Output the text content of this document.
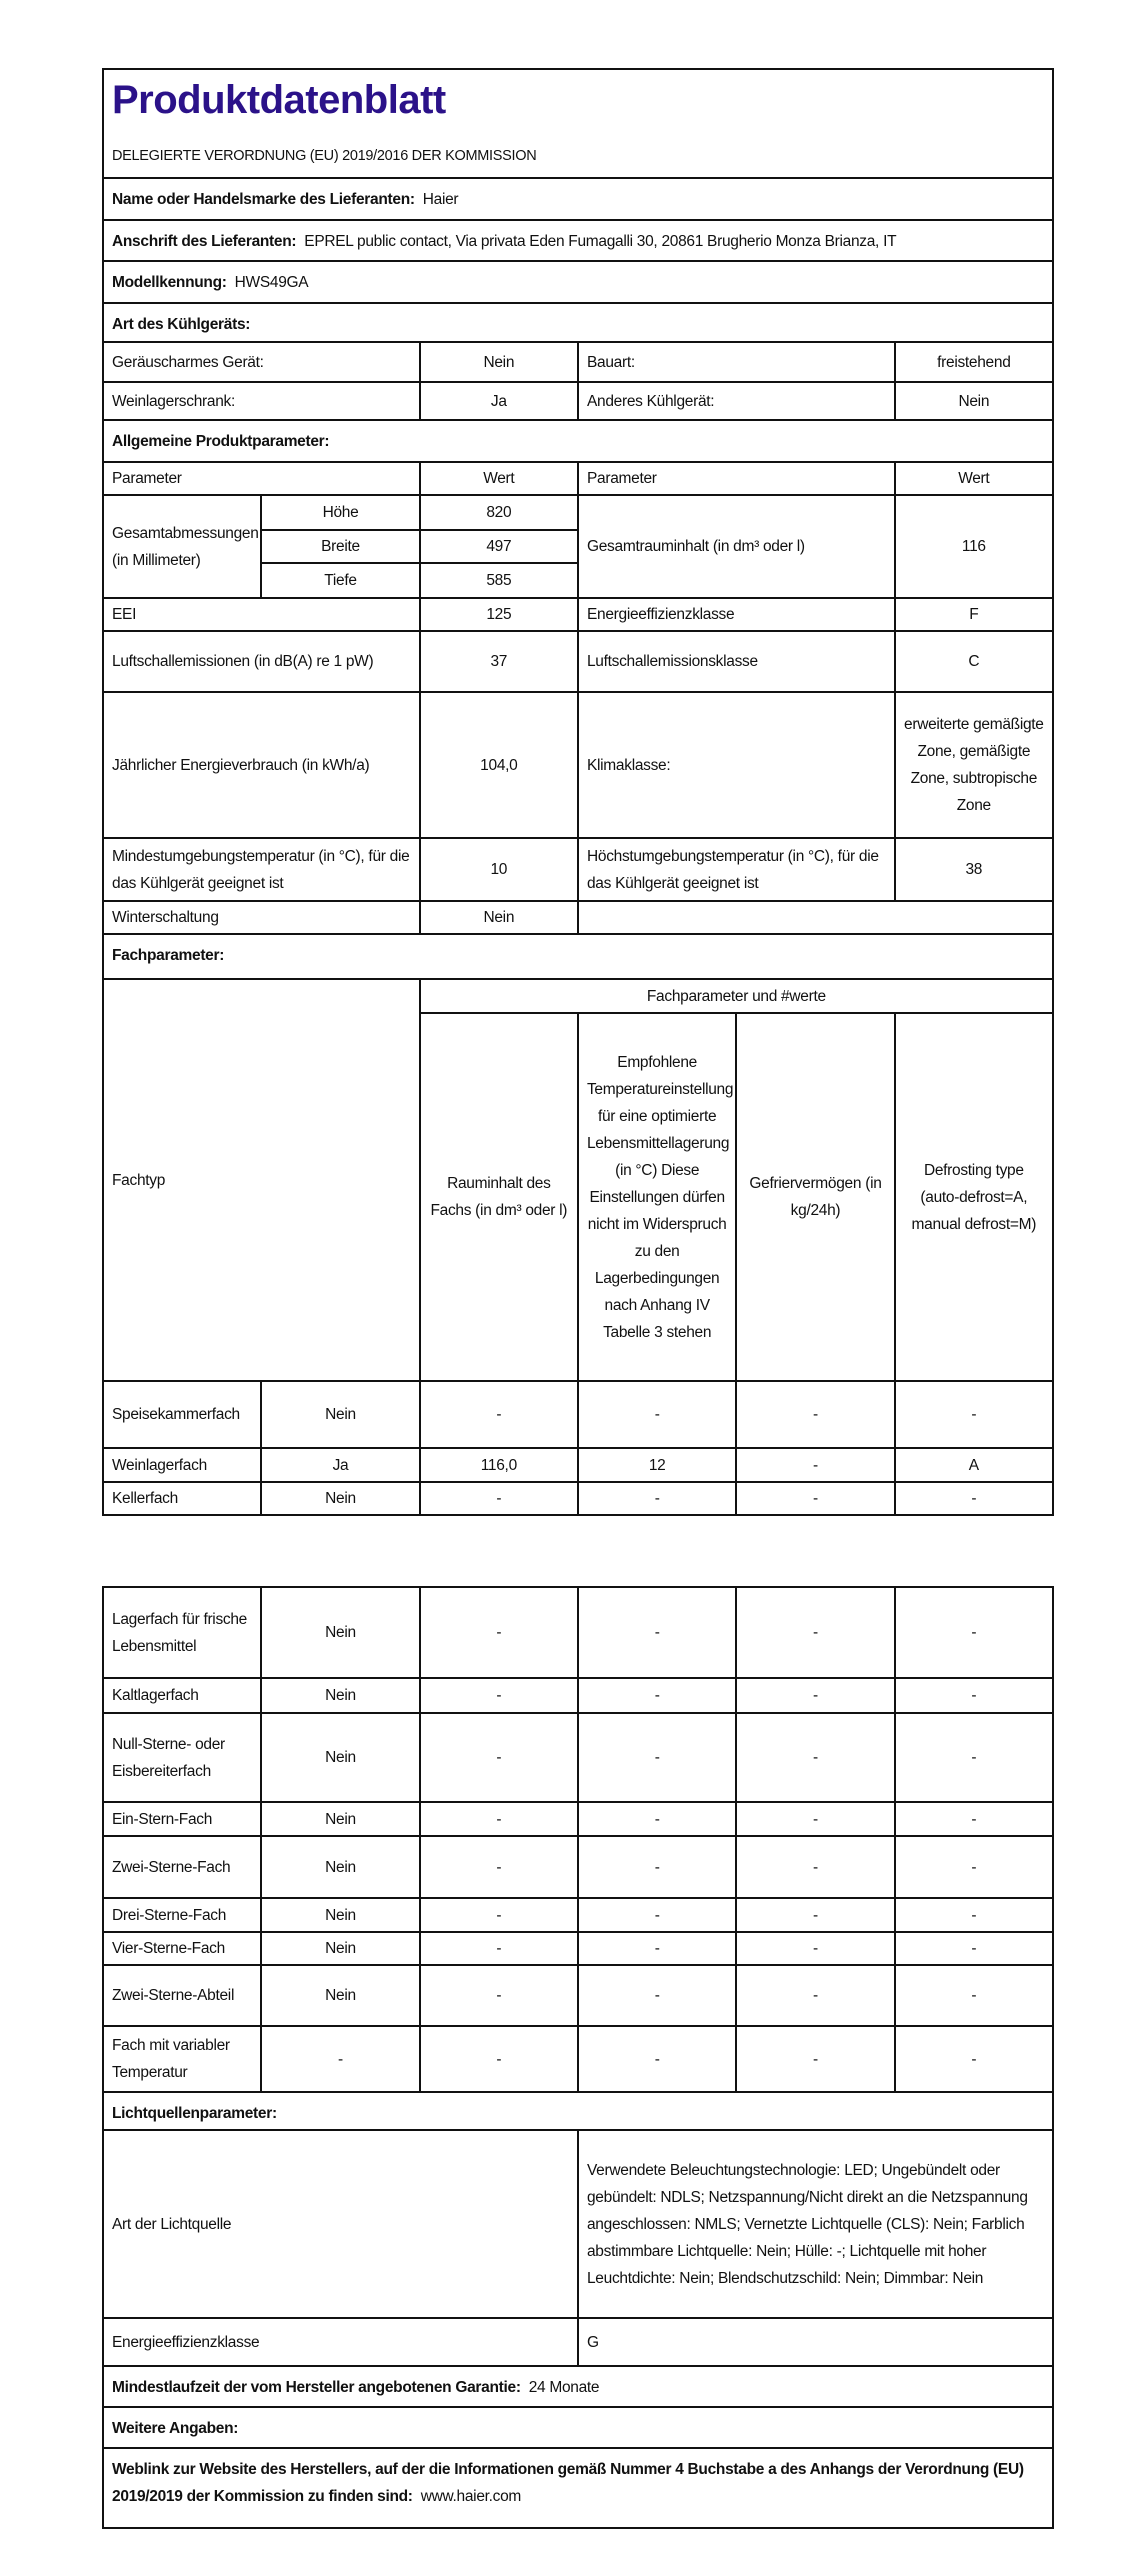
Produktdatenblatt
DELEGIERTE VERORDNUNG (EU) 2019/2016 DER KOMMISSION					

Name oder Handelsmarke des Lieferanten: Haier					
Anschrift des Lieferanten: EPREL public contact, Via privata Eden Fumagalli 30, 20861 Brugherio Monza Brianza, IT					
Modellkennung: HWS49GA					
Art des Kühlgeräts:					
Geräuscharmes Gerät:		Nein	Bauart:		freistehend
Weinlagerschrank:		Ja	Anderes Kühlgerät:		Nein
Allgemeine Produktparameter:					
Parameter		Wert	Parameter		Wert
Gesamtabmessungen (in Millimeter)	Höhe	820	Gesamtrauminhalt (in dm³ oder l)		116
	Breite	497			
	Tiefe	585			
EEI		125	Energieeffizienzklasse		F
Luftschallemissionen (in dB(A) re 1 pW)		37	Luftschallemissionsklasse		C
Jährlicher Energieverbrauch (in kWh/a)		104,0	Klimaklasse:		erweiterte gemäßigte Zone, gemäßigte Zone, subtropische Zone
Mindestumgebungstemperatur (in °C), für die das Kühlgerät geeignet ist		10	Höchstumgebungstemperatur (in °C), für die das Kühlgerät geeignet ist		38
Winterschaltung		Nein			
Fachparameter:					
Fachtyp		Fachparameter und #werte			
		Rauminhalt des Fachs (in dm³ oder l)	Empfohlene Temperatureinstellung für eine optimierte Lebensmittellagerung (in °C) Diese Einstellungen dürfen nicht im Widerspruch zu den Lagerbedingungen nach Anhang IV Tabelle 3 stehen	Gefriervermögen (in kg/24h)	Defrosting type (auto-defrost=A, manual defrost=M)
Speisekammerfach	Nein	-	-	-	-
Weinlagerfach	Ja	116,0	12	-	A
Kellerfach	Nein	-	-	-	-
Lagerfach für frische Lebensmittel	Nein	-	-	-	-
Kaltlagerfach	Nein	-	-	-	-
Null-Sterne- oder Eisbereiterfach	Nein	-	-	-	-
Ein-Stern-Fach	Nein	-	-	-	-
Zwei-Sterne-Fach	Nein	-	-	-	-
Drei-Sterne-Fach	Nein	-	-	-	-
Vier-Sterne-Fach	Nein	-	-	-	-
Zwei-Sterne-Abteil	Nein	-	-	-	-
Fach mit variabler Temperatur	-	-	-	-	-
Lichtquellenparameter:					
Art der Lichtquelle			Verwendete Beleuchtungstechnologie: LED; Ungebündelt oder gebündelt: NDLS; Netzspannung/Nicht direkt an die Netzspannung angeschlossen: NMLS; Vernetzte Lichtquelle (CLS): Nein; Farblich abstimmbare Lichtquelle: Nein; Hülle: -; Lichtquelle mit hoher Leuchtdichte: Nein; Blendschutzschild: Nein; Dimmbar: Nein		
Energieeffizienzklasse			G		
Mindestlaufzeit der vom Hersteller angebotenen Garantie: 24 Monate					
Weitere Angaben:					
Weblink zur Website des Herstellers, auf der die Informationen gemäß Nummer 4 Buchstabe a des Anhangs der Verordnung (EU) 2019/2019 der Kommission zu finden sind: www.haier.com					
